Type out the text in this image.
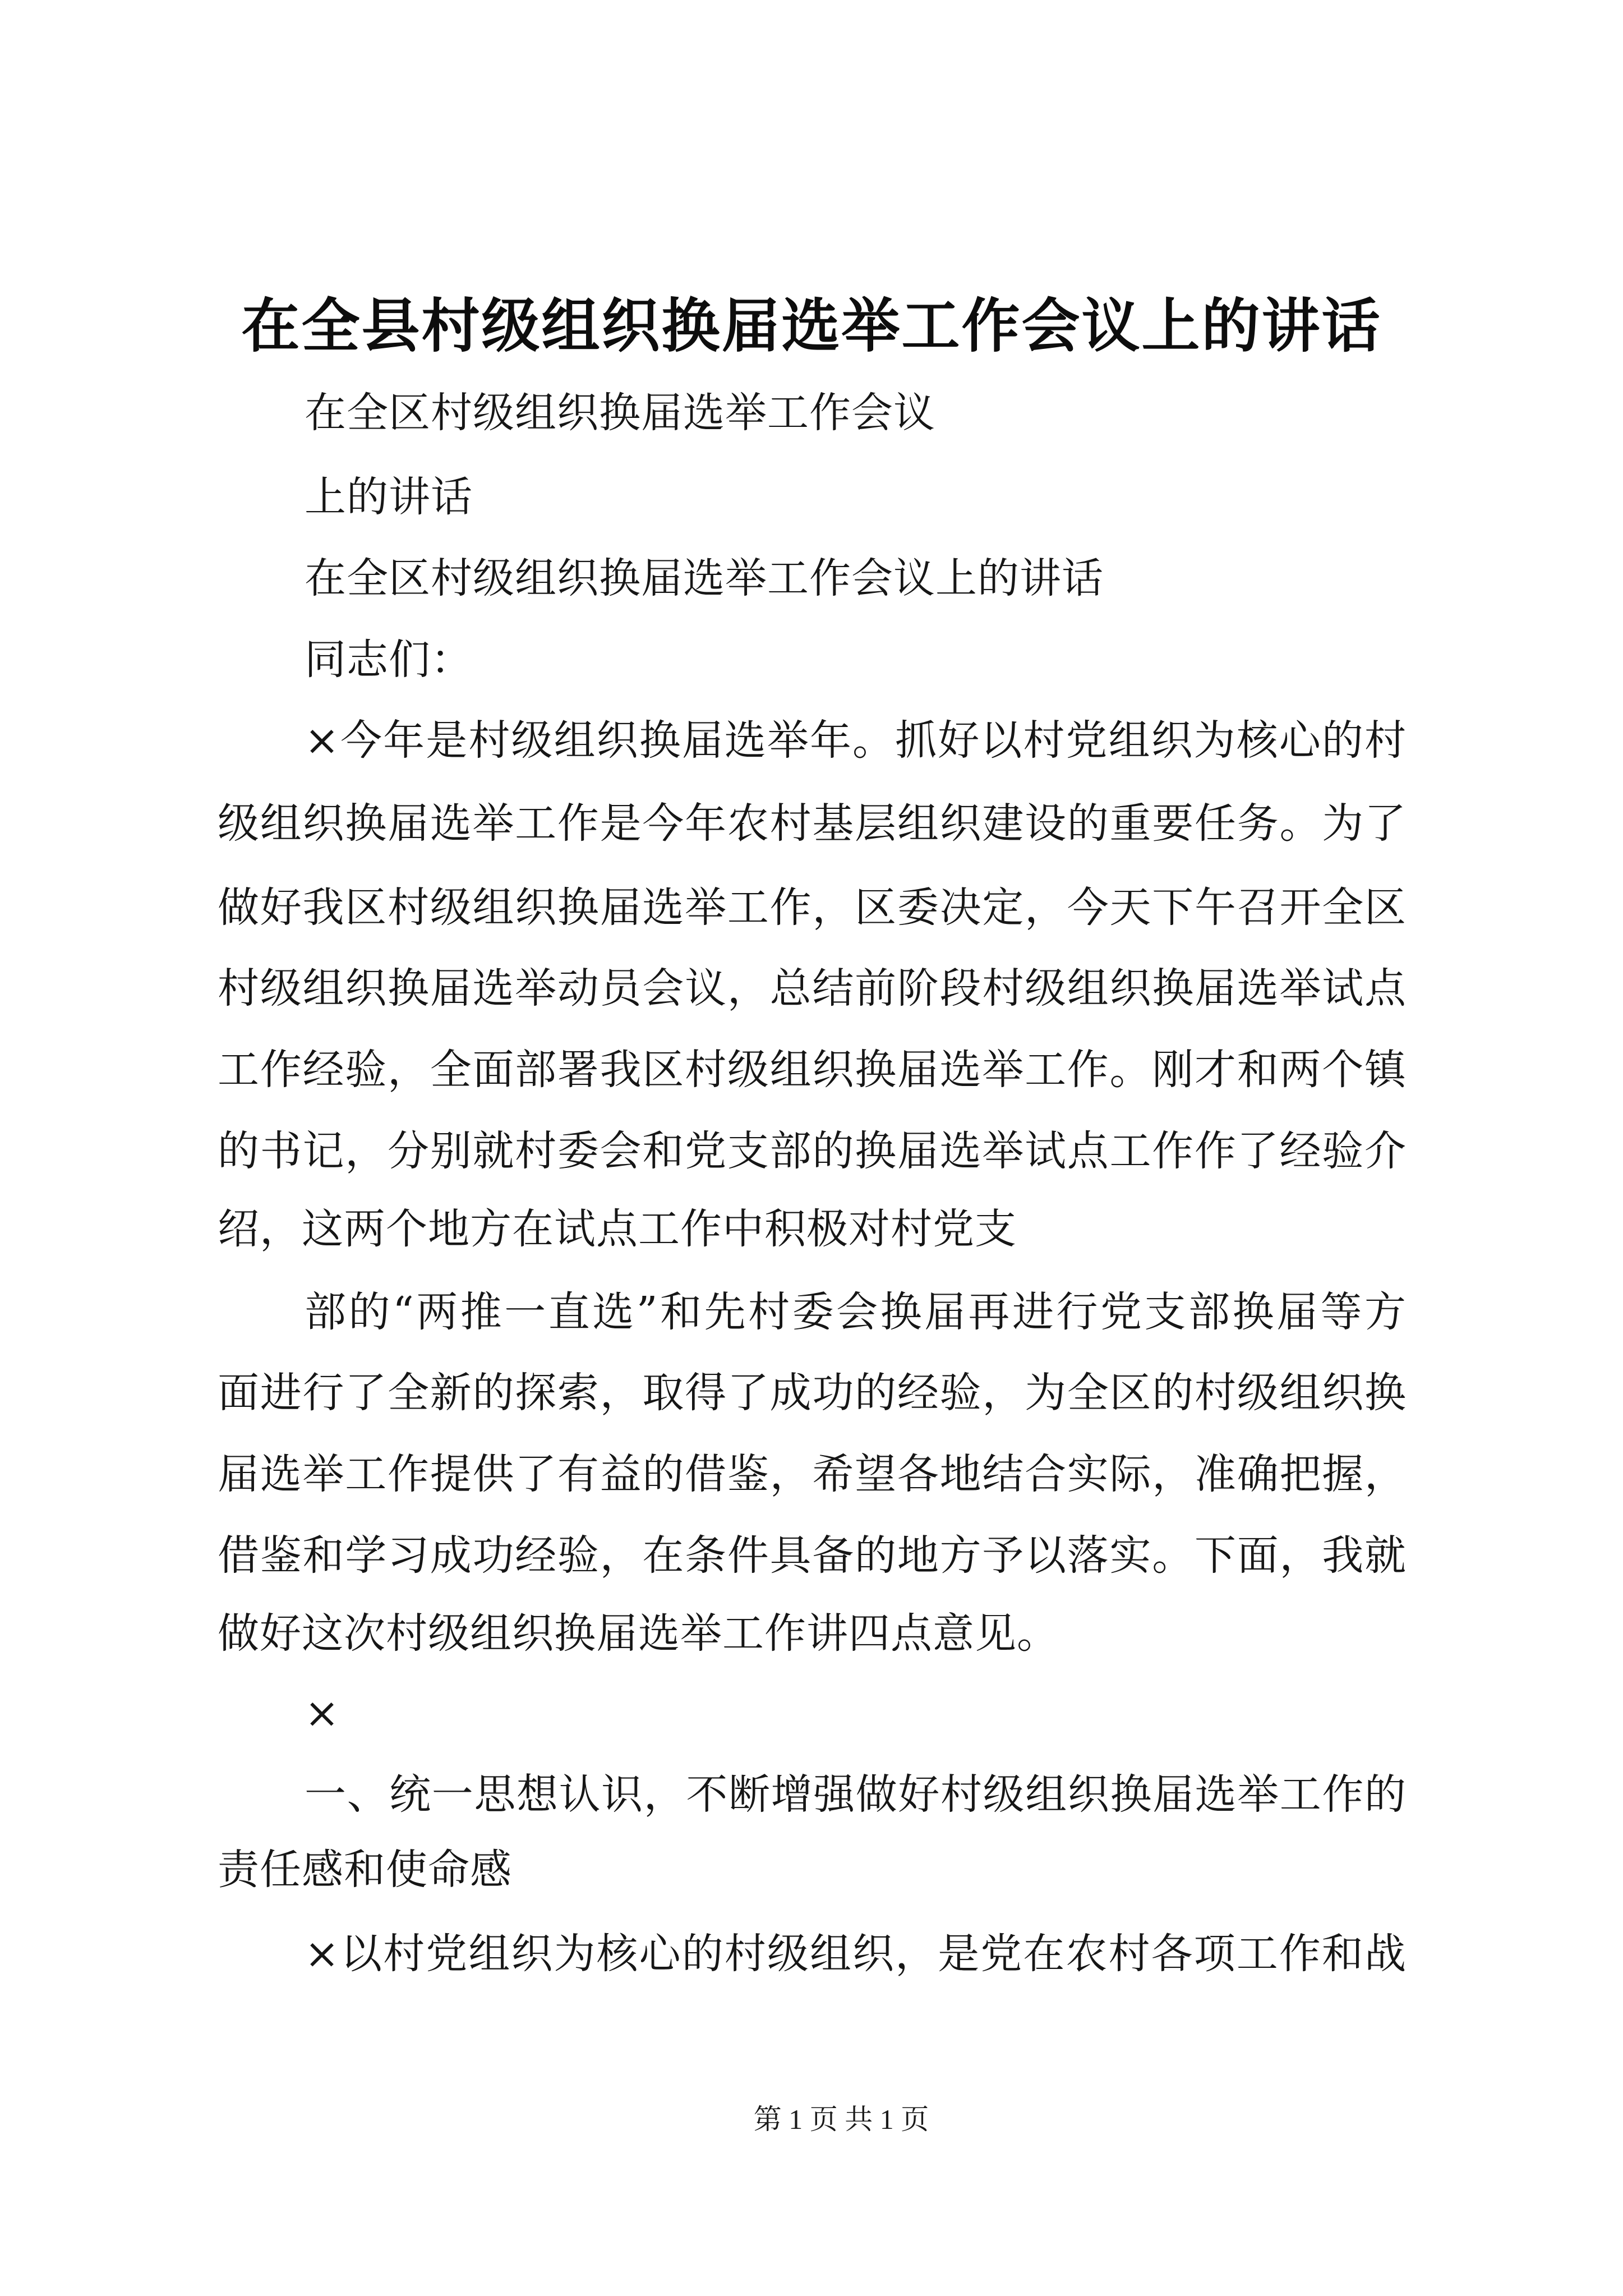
在全县村级组织换届选举工作会议上的讲话
在全区村级组织换届选举工作会议
上的讲话
在全区村级组织换届选举工作会议上的讲话
同志们：
×今年是村级组织换届选举年。抓好以村党组织为核心的村
级组织换届选举工作是今年农村基层组织建设的重要任务。为了
做好我区村级组织换届选举工作，区委决定，今天下午召开全区
村级组织换届选举动员会议，总结前阶段村级组织换届选举试点
工作经验，全面部署我区村级组织换届选举工作。刚才和两个镇
的书记，分别就村委会和党支部的换届选举试点工作作了经验介
绍，这两个地方在试点工作中积极对村党支
部的“两推一直选”和先村委会换届再进行党支部换届等方
面进行了全新的探索，取得了成功的经验，为全区的村级组织换
届选举工作提供了有益的借鉴，希望各地结合实际，准确把握，
借鉴和学习成功经验，在条件具备的地方予以落实。下面，我就
做好这次村级组织换届选举工作讲四点意见。
×
一、统一思想认识，不断增强做好村级组织换届选举工作的
责任感和使命感
×以村党组织为核心的村级组织，是党在农村各项工作和战
第 1 页 共 1 页
